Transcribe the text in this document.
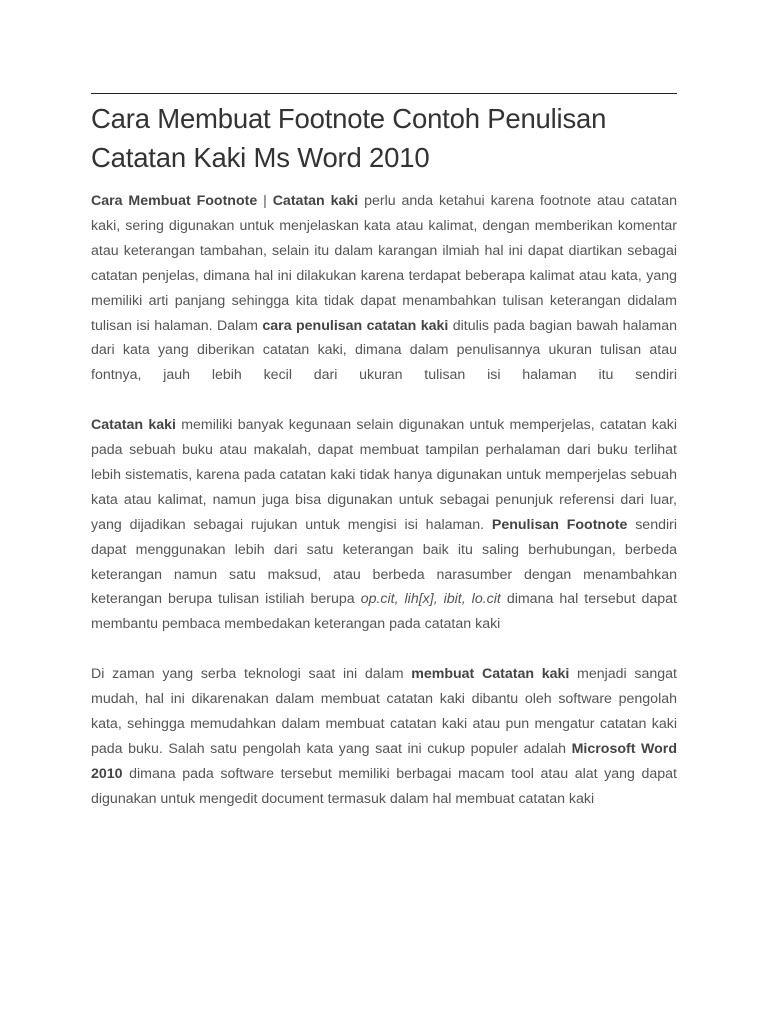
Cara Membuat Footnote Contoh Penulisan Catatan Kaki Ms Word 2010
Cara Membuat Footnote | Catatan kaki perlu anda ketahui karena footnote atau catatan kaki, sering digunakan untuk menjelaskan kata atau kalimat, dengan memberikan komentar atau keterangan tambahan, selain itu dalam karangan ilmiah hal ini dapat diartikan sebagai catatan penjelas, dimana hal ini dilakukan karena terdapat beberapa kalimat atau kata, yang memiliki arti panjang sehingga kita tidak dapat menambahkan tulisan keterangan didalam tulisan isi halaman. Dalam cara penulisan catatan kaki ditulis pada bagian bawah halaman dari kata yang diberikan catatan kaki, dimana dalam penulisannya ukuran tulisan atau fontnya, jauh lebih kecil dari ukuran tulisan isi halaman itu sendiri
Catatan kaki memiliki banyak kegunaan selain digunakan untuk memperjelas, catatan kaki pada sebuah buku atau makalah, dapat membuat tampilan perhalaman dari buku terlihat lebih sistematis, karena pada catatan kaki tidak hanya digunakan untuk memperjelas sebuah kata atau kalimat, namun juga bisa digunakan untuk sebagai penunjuk referensi dari luar, yang dijadikan sebagai rujukan untuk mengisi isi halaman. Penulisan Footnote sendiri dapat menggunakan lebih dari satu keterangan baik itu saling berhubungan, berbeda keterangan namun satu maksud, atau berbeda narasumber dengan menambahkan keterangan berupa tulisan istiliah berupa op.cit, lih[x], ibit, lo.cit dimana hal tersebut dapat membantu pembaca membedakan keterangan pada catatan kaki
Di zaman yang serba teknologi saat ini dalam membuat Catatan kaki menjadi sangat mudah, hal ini dikarenakan dalam membuat catatan kaki dibantu oleh software pengolah kata, sehingga memudahkan dalam membuat catatan kaki atau pun mengatur catatan kaki pada buku. Salah satu pengolah kata yang saat ini cukup populer adalah Microsoft Word 2010 dimana pada software tersebut memiliki berbagai macam tool atau alat yang dapat digunakan untuk mengedit document termasuk dalam hal membuat catatan kaki
